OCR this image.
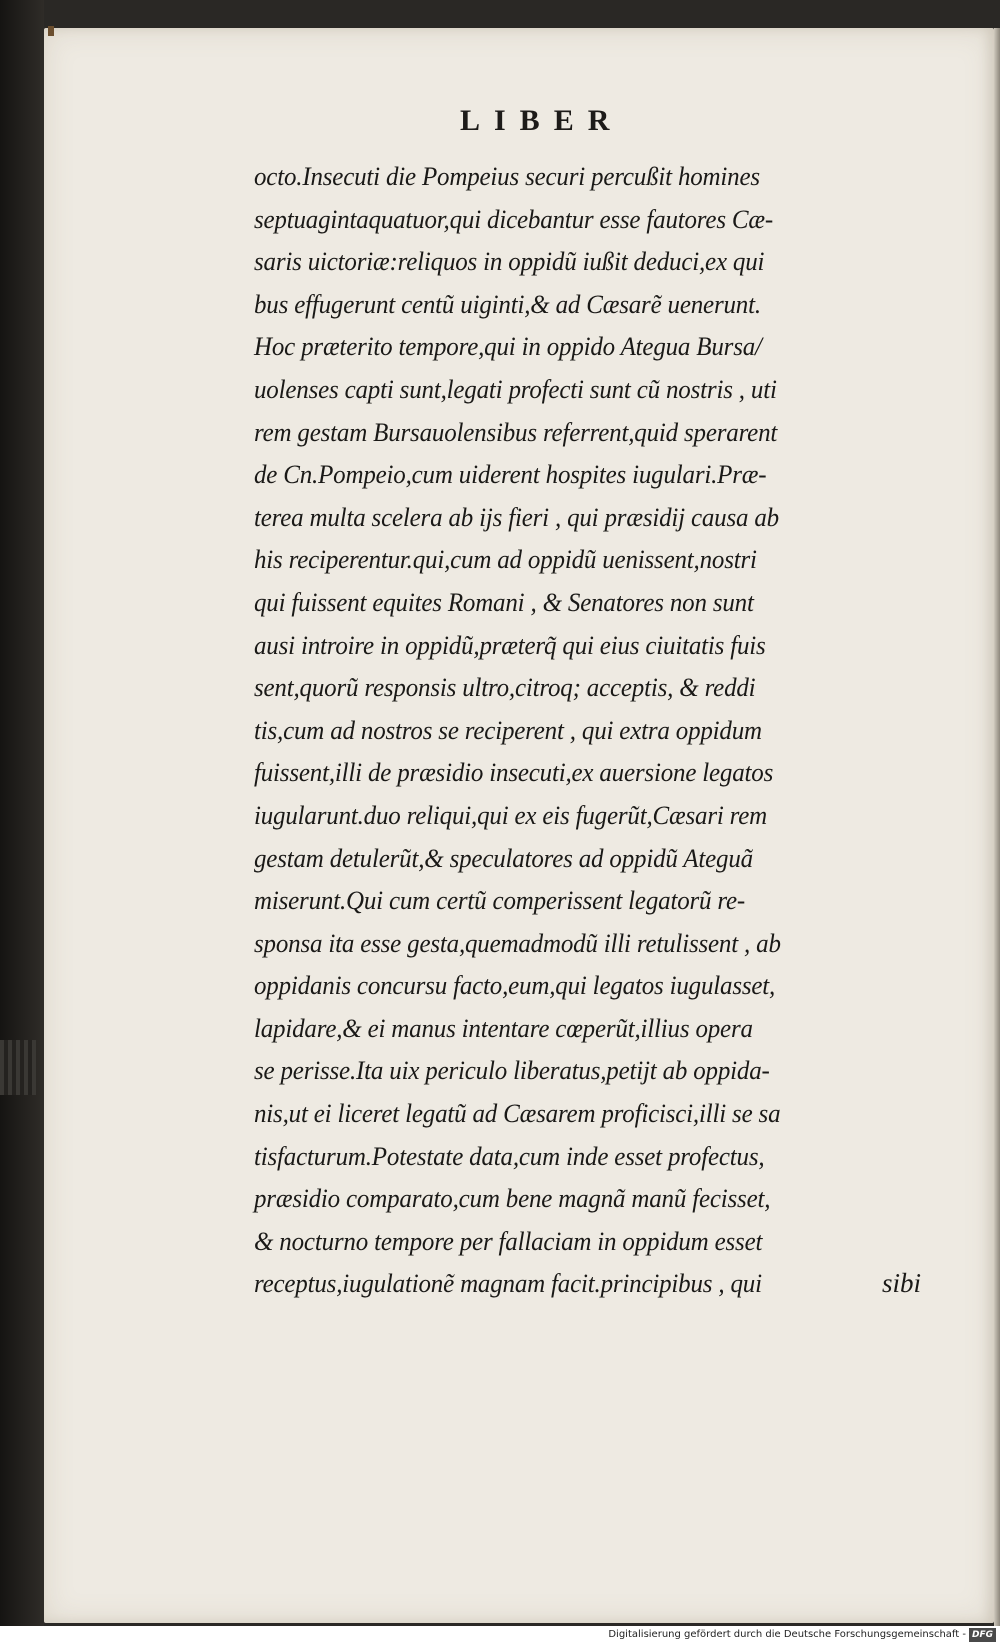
LIBER
octo.Insecuti die Pompeius securi percußit homines
septuagintaquatuor,qui dicebantur esse fautores Cæ-
saris uictoriæ:reliquos in oppidũ iußit deduci,ex qui
bus effugerunt centũ uiginti,& ad Cæsarẽ uenerunt.
Hoc præterito tempore,qui in oppido Ategua Bursa/
uolenses capti sunt,legati profecti sunt cũ nostris , uti
rem gestam Bursauolensibus referrent,quid sperarent
de Cn.Pompeio,cum uiderent hospites iugulari.Præ-
terea multa scelera ab ijs fieri , qui præsidij causa ab
his reciperentur.qui,cum ad oppidũ uenissent,nostri
qui fuissent equites Romani , & Senatores non sunt
ausi introire in oppidũ,præterq̃ qui eius ciuitatis fuis
sent,quorũ responsis ultro,citroq; acceptis, & reddi
tis,cum ad nostros se reciperent , qui extra oppidum
fuissent,illi de præsidio insecuti,ex auersione legatos
iugularunt.duo reliqui,qui ex eis fugerũt,Cæsari rem
gestam detulerũt,& speculatores ad oppidũ Ateguã
miserunt.Qui cum certũ comperissent legatorũ re-
sponsa ita esse gesta,quemadmodũ illi retulissent , ab
oppidanis concursu facto,eum,qui legatos iugulasset,
lapidare,& ei manus intentare cœperũt,illius opera
se perisse.Ita uix periculo liberatus,petijt ab oppida-
nis,ut ei liceret legatũ ad Cæsarem proficisci,illi se sa
tisfacturum.Potestate data,cum inde esset profectus,
præsidio comparato,cum bene magnã manũ fecisset,
& nocturno tempore per fallaciam in oppidum esset
receptus,iugulationẽ magnam facit.principibus , qui	sibi
Digitalisierung gefördert durch die Deutsche Forschungsgemeinschaft - DFG
